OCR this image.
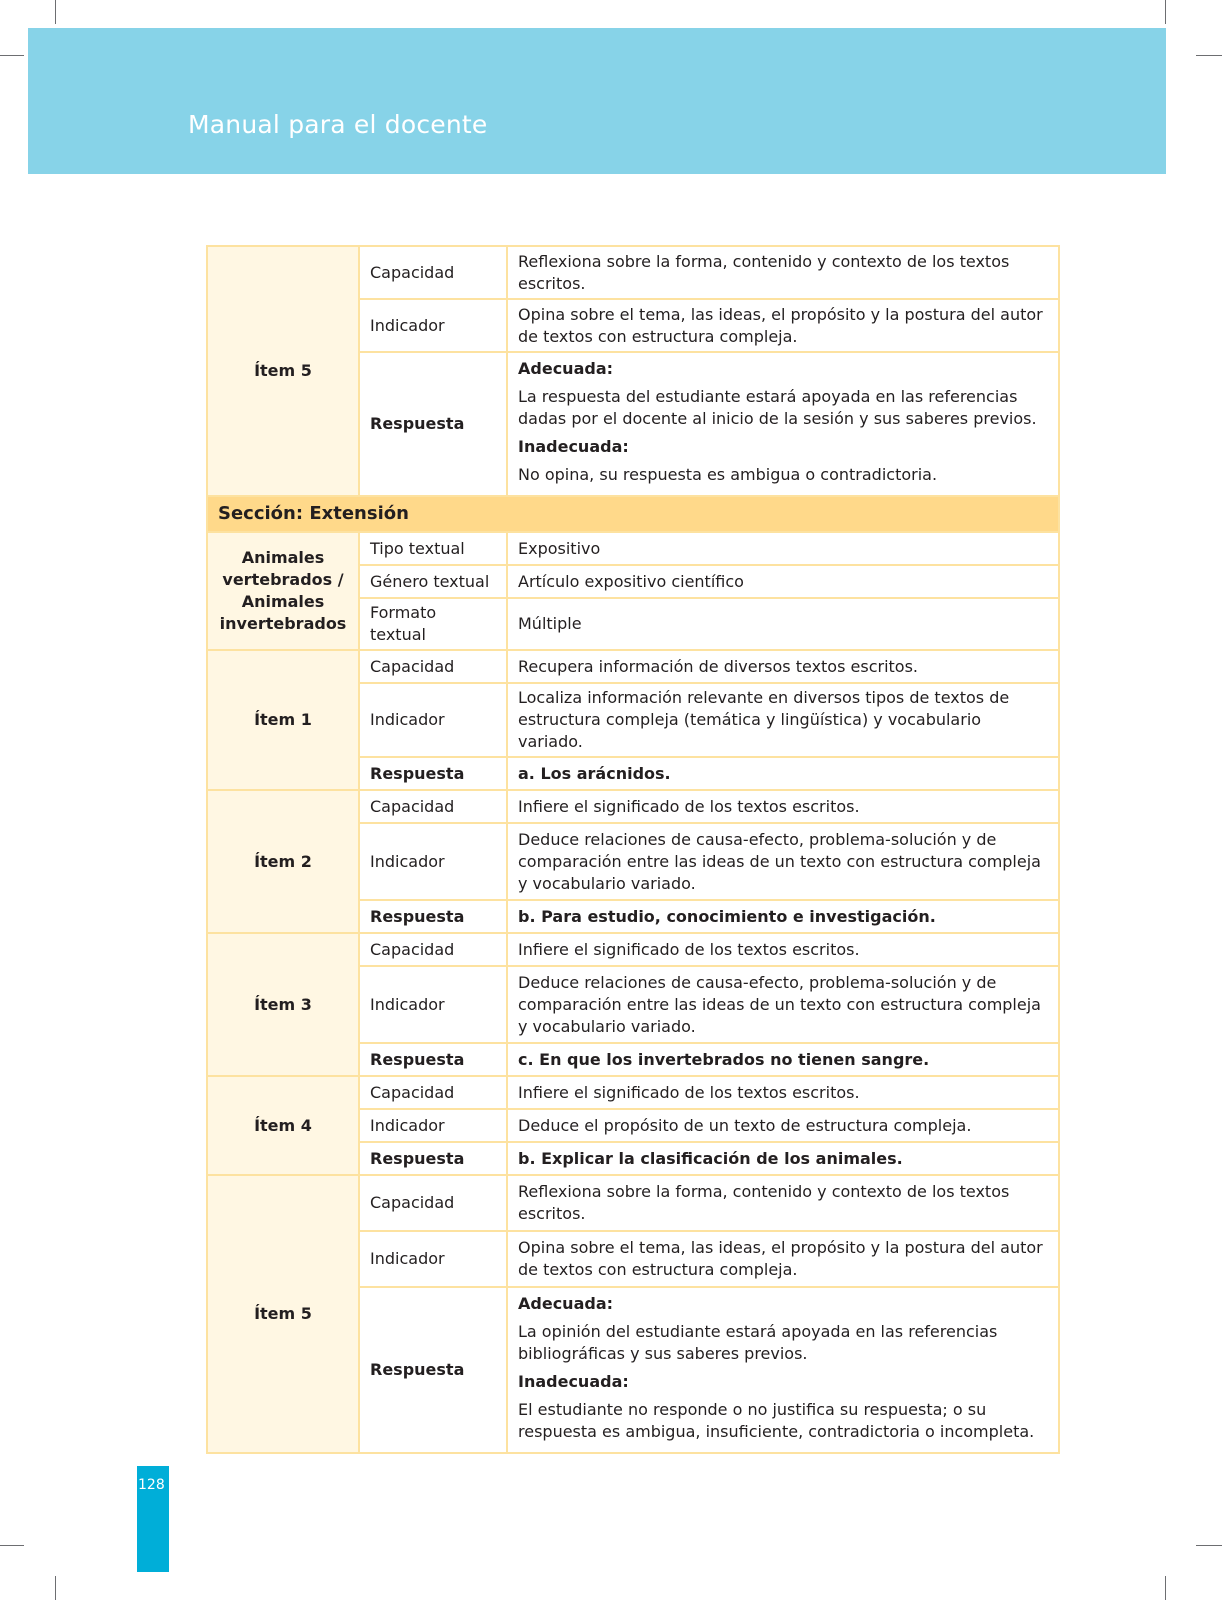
Manual para el docente
Ítem 5	Capacidad	Reflexiona sobre la forma, contenido y contexto de los textos escritos.
	Indicador	Opina sobre el tema, las ideas, el propósito y la postura del autor de textos con estructura compleja.
	Respuesta	Adecuada:
La respuesta del estudiante estará apoyada en las referencias dadas por el docente al inicio de la sesión y sus saberes previos.
Inadecuada:
No opina, su respuesta es ambigua o contradictoria.

Sección: Extensión		
Animales vertebrados / Animales invertebrados	Tipo textual	Expositivo
	Género textual	Artículo expositivo científico
	Formato textual	Múltiple
Ítem 1	Capacidad	Recupera información de diversos textos escritos.
	Indicador	Localiza información relevante en diversos tipos de textos de estructura compleja (temática y lingüística) y vocabulario variado.
	Respuesta	a. Los arácnidos.
Ítem 2	Capacidad	Infiere el significado de los textos escritos.
	Indicador	Deduce relaciones de causa-efecto, problema-solución y de comparación entre las ideas de un texto con estructura compleja y vocabulario variado.
	Respuesta	b. Para estudio, conocimiento e investigación.
Ítem 3	Capacidad	Infiere el significado de los textos escritos.
	Indicador	Deduce relaciones de causa-efecto, problema-solución y de comparación entre las ideas de un texto con estructura compleja y vocabulario variado.
	Respuesta	c. En que los invertebrados no tienen sangre.
Ítem 4	Capacidad	Infiere el significado de los textos escritos.
	Indicador	Deduce el propósito de un texto de estructura compleja.
	Respuesta	b. Explicar la clasificación de los animales.
Ítem 5	Capacidad	Reflexiona sobre la forma, contenido y contexto de los textos escritos.
	Indicador	Opina sobre el tema, las ideas, el propósito y la postura del autor de textos con estructura compleja.
	Respuesta	Adecuada:
La opinión del estudiante estará apoyada en las referencias bibliográficas y sus saberes previos.
Inadecuada:
El estudiante no responde o no justifica su respuesta; o su respuesta es ambigua, insuficiente, contradictoria o incompleta.
128
